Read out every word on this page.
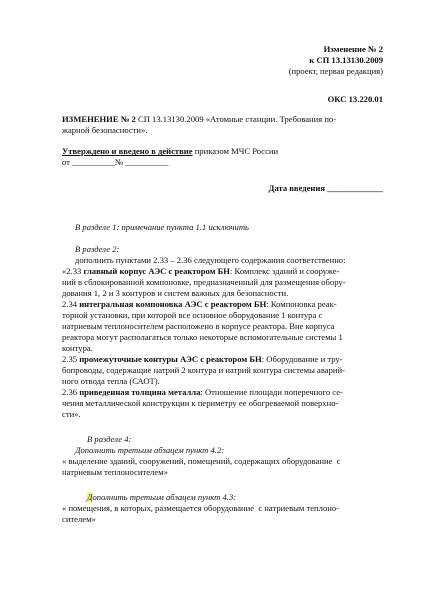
Изменение № 2
к СП 13.13130.2009
(проект, первая редакция)
ОКС 13.220.01
ИЗМЕНЕНИЕ № 2 СП 13.13130.2009 «Атомные станции. Требования по-
жарной безопасности».
Утверждено и введено в действие приказом МЧС России
от __________№ __________
Дата введения _____________
В разделе 1: примечание пункта 1.1 исключить
В разделе 2:
дополнить пунктами 2.33 – 2.36 следующего содержания соответственно:
«2.33 главный корпус АЭС с реактором БН: Комплекс зданий и сооруже-
ний в сблокированной компоновке, предназначенный для размещения обору-
дования 1, 2 и 3 контуров и систем важных для безопасности.
2.34 интегральная компоновка АЭС с реактором БН: Компоновка реак-
торной установки, при которой все основное оборудование 1 контура с
натриевым теплоносителем расположено в корпусе реактора. Вне корпуса
реактора могут располагаться только некоторые вспомогательные системы 1
контура.
2.35 промежуточные контуры АЭС с реактором БН: Оборудование и тру-
бопроводы, содержащие натрий 2 контура и натрий контура системы аварий-
ного отвода тепла (САОТ).
2.36 приведенная толщина металла: Отношение площади поперечного се-
чения металлической конструкции к периметру ее обогреваемой поверхно-
сти».
В разделе 4:
Дополнить третьим абзацем пункт 4.2:
« выделение зданий, сооружений, помещений, содержащих оборудование  с
натриевым теплоносителем»
Дополнить третьим абзацем пункт 4.3:
« помещения, в которых, размещается оборудование  с натриевым теплоно-
сителем»
